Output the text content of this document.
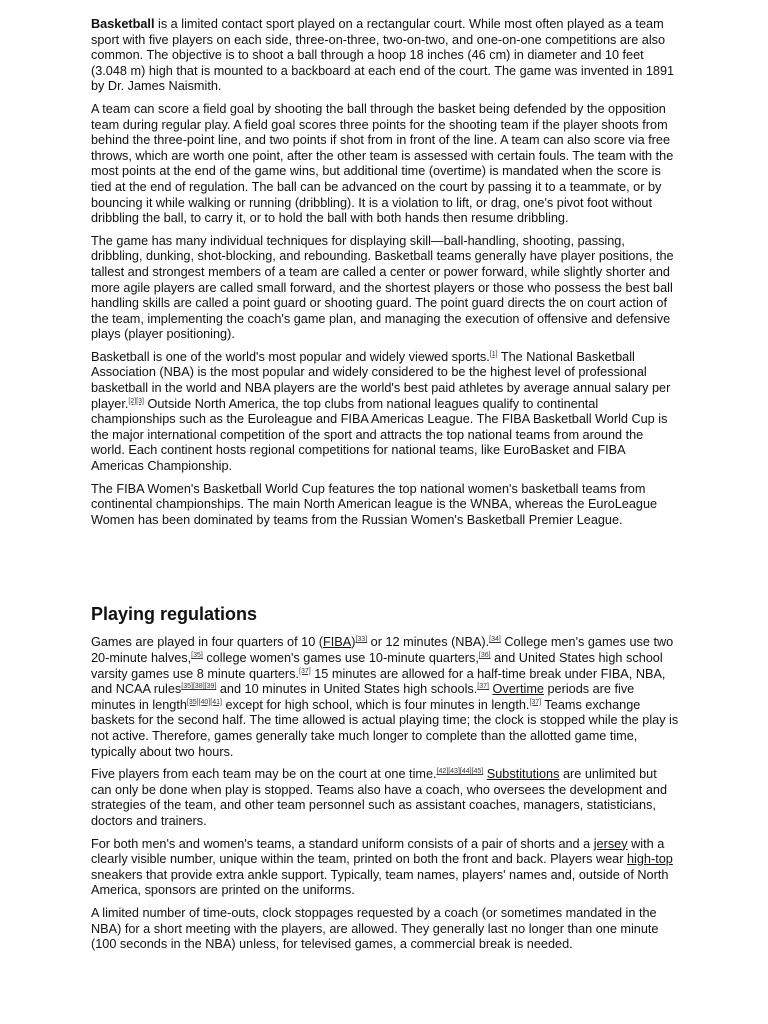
Basketball is a limited contact sport played on a rectangular court. While most often played as a team sport with five players on each side, three-on-three, two-on-two, and one-on-one competitions are also common. The objective is to shoot a ball through a hoop 18 inches (46 cm) in diameter and 10 feet (3.048 m) high that is mounted to a backboard at each end of the court. The game was invented in 1891 by Dr. James Naismith.

A team can score a field goal by shooting the ball through the basket being defended by the opposition team during regular play. A field goal scores three points for the shooting team if the player shoots from behind the three-point line, and two points if shot from in front of the line. A team can also score via free throws, which are worth one point, after the other team is assessed with certain fouls. The team with the most points at the end of the game wins, but additional time (overtime) is mandated when the score is tied at the end of regulation. The ball can be advanced on the court by passing it to a teammate, or by bouncing it while walking or running (dribbling). It is a violation to lift, or drag, one's pivot foot without dribbling the ball, to carry it, or to hold the ball with both hands then resume dribbling.

The game has many individual techniques for displaying skill—ball-handling, shooting, passing, dribbling, dunking, shot-blocking, and rebounding. Basketball teams generally have player positions, the tallest and strongest members of a team are called a center or power forward, while slightly shorter and more agile players are called small forward, and the shortest players or those who possess the best ball handling skills are called a point guard or shooting guard. The point guard directs the on court action of the team, implementing the coach's game plan, and managing the execution of offensive and defensive plays (player positioning).

Basketball is one of the world's most popular and widely viewed sports.[1] The National Basketball Association (NBA) is the most popular and widely considered to be the highest level of professional basketball in the world and NBA players are the world's best paid athletes by average annual salary per player.[2][3] Outside North America, the top clubs from national leagues qualify to continental championships such as the Euroleague and FIBA Americas League. The FIBA Basketball World Cup is the major international competition of the sport and attracts the top national teams from around the world. Each continent hosts regional competitions for national teams, like EuroBasket and FIBA Americas Championship.

The FIBA Women's Basketball World Cup features the top national women's basketball teams from continental championships. The main North American league is the WNBA, whereas the EuroLeague Women has been dominated by teams from the Russian Women's Basketball Premier League.

Playing regulations

Games are played in four quarters of 10 (FIBA)[33] or 12 minutes (NBA).[34] College men's games use two 20-minute halves,[35] college women's games use 10-minute quarters,[36] and United States high school varsity games use 8 minute quarters.[37] 15 minutes are allowed for a half-time break under FIBA, NBA, and NCAA rules[35][38][39] and 10 minutes in United States high schools.[37] Overtime periods are five minutes in length[35][40][41] except for high school, which is four minutes in length.[37] Teams exchange baskets for the second half. The time allowed is actual playing time; the clock is stopped while the play is not active. Therefore, games generally take much longer to complete than the allotted game time, typically about two hours.

Five players from each team may be on the court at one time.[42][43][44][45] Substitutions are unlimited but can only be done when play is stopped. Teams also have a coach, who oversees the development and strategies of the team, and other team personnel such as assistant coaches, managers, statisticians, doctors and trainers.

For both men's and women's teams, a standard uniform consists of a pair of shorts and a jersey with a clearly visible number, unique within the team, printed on both the front and back. Players wear high-top sneakers that provide extra ankle support. Typically, team names, players' names and, outside of North America, sponsors are printed on the uniforms.

A limited number of time-outs, clock stoppages requested by a coach (or sometimes mandated in the NBA) for a short meeting with the players, are allowed. They generally last no longer than one minute (100 seconds in the NBA) unless, for televised games, a commercial break is needed.
